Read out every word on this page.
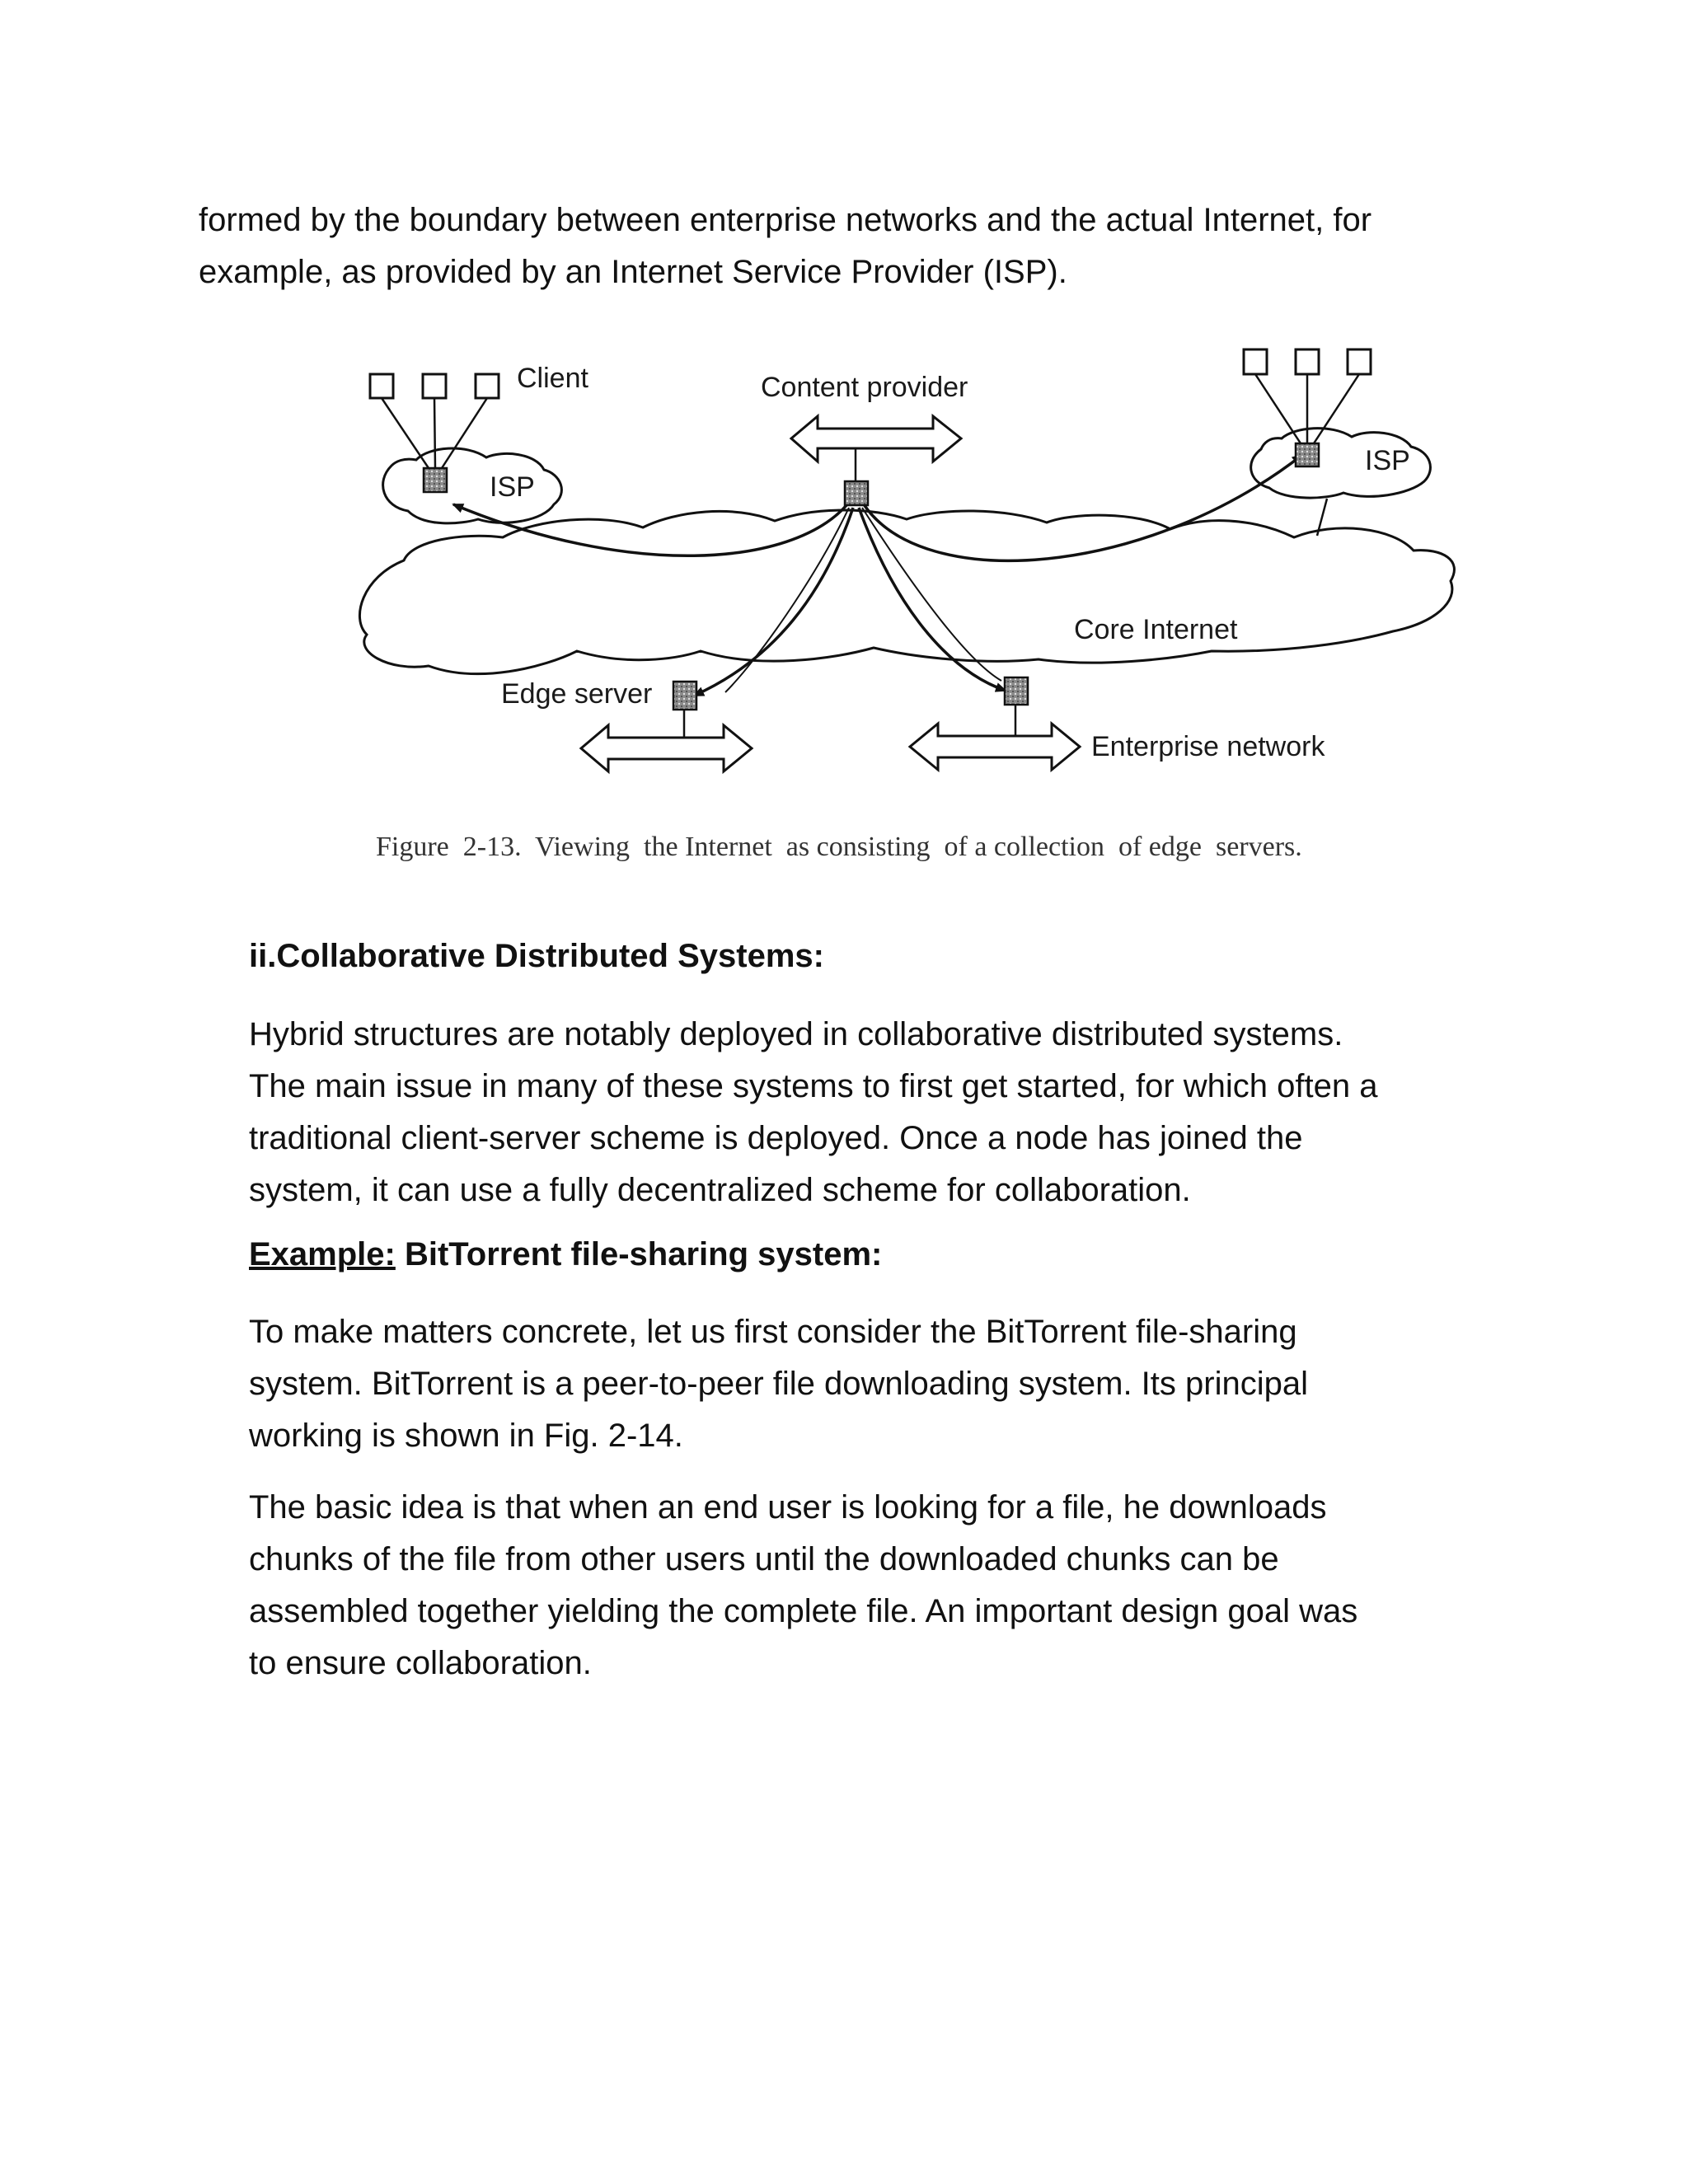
formed by the boundary between enterprise networks and the actual Internet, for
example, as provided by an Internet Service Provider (ISP).
Client	Content provider
ISP
ISP
Core Internet
Edge server
Enterprise network
Figure  2-13.  Viewing  the Internet  as consisting  of a collection  of edge  servers.

ii.Collaborative Distributed Systems:

Hybrid structures are notably deployed in collaborative distributed systems.
The main issue in many of these systems to first get started, for which often a
traditional client-server scheme is deployed. Once a node has joined the
system, it can use a fully decentralized scheme for collaboration.

Example: BitTorrent file-sharing system:

To make matters concrete, let us first consider the BitTorrent file-sharing
system. BitTorrent is a peer-to-peer file downloading system. Its principal
working is shown in Fig. 2-14.
The basic idea is that when an end user is looking for a file, he downloads
chunks of the file from other users until the downloaded chunks can be
assembled together yielding the complete file. An important design goal was
to ensure collaboration.
